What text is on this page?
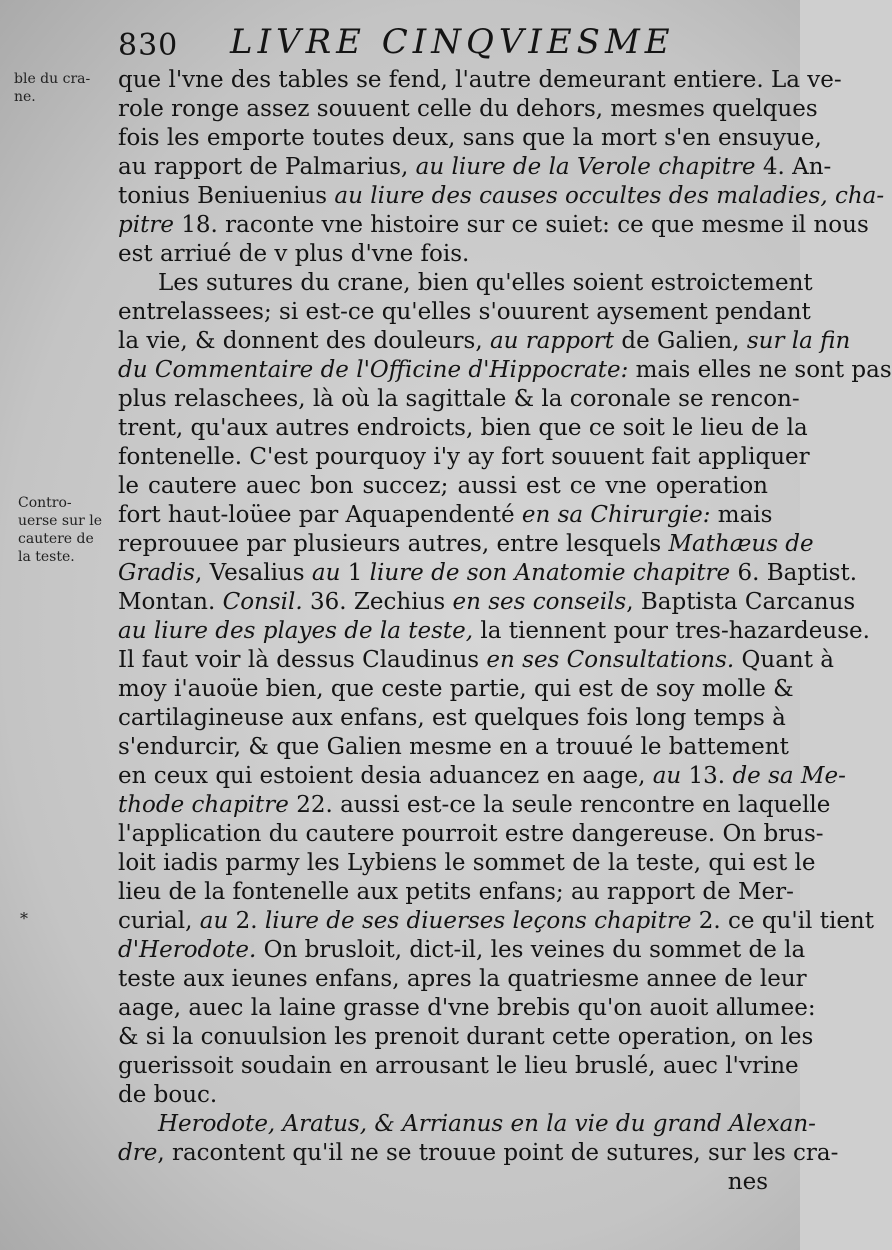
830 LIVRE CINQVIESME
ble du cra-
ne.
Contro-
uerse sur le
cautere de
la teste.
*
que l'vne des tables se fend, l'autre demeurant entiere. La ve-
role ronge assez souuent celle du dehors, mesmes quelques
fois les emporte toutes deux, sans que la mort s'en ensuyue,
au rapport de Palmarius, au liure de la Verole chapitre 4. An-
tonius Beniuenius au liure des causes occultes des maladies, cha-
pitre 18. raconte vne histoire sur ce suiet: ce que mesme il nous
est arriué de v plus d'vne fois.
Les sutures du crane, bien qu'elles soient estroictement
entrelassees; si est-ce qu'elles s'ouurent aysement pendant
la vie, & donnent des douleurs, au rapport de Galien, sur la fin
du Commentaire de l'Officine d'Hippocrate: mais elles ne sont pas
plus relaschees, là où la sagittale & la coronale se rencon-
trent, qu'aux autres endroicts, bien que ce soit le lieu de la
fontenelle. C'est pourquoy i'y ay fort souuent fait appliquer
le cautere auec bon succez; aussi est ce vne operation
fort haut-loüee par Aquapendenté en sa Chirurgie: mais
reprouuee par plusieurs autres, entre lesquels Mathæus de
Gradis, Vesalius au 1 liure de son Anatomie chapitre 6. Baptist.
Montan. Consil. 36. Zechius en ses conseils, Baptista Carcanus
au liure des playes de la teste, la tiennent pour tres-hazardeuse.
Il faut voir là dessus Claudinus en ses Consultations. Quant à
moy i'auoüe bien, que ceste partie, qui est de soy molle &
cartilagineuse aux enfans, est quelques fois long temps à
s'endurcir, & que Galien mesme en a trouué le battement
en ceux qui estoient desia aduancez en aage, au 13. de sa Me-
thode chapitre 22. aussi est-ce la seule rencontre en laquelle
l'application du cautere pourroit estre dangereuse. On brus-
loit iadis parmy les Lybiens le sommet de la teste, qui est le
lieu de la fontenelle aux petits enfans; au rapport de Mer-
curial, au 2. liure de ses diuerses leçons chapitre 2. ce qu'il tient
d'Herodote. On brusloit, dict-il, les veines du sommet de la
teste aux ieunes enfans, apres la quatriesme annee de leur
aage, auec la laine grasse d'vne brebis qu'on auoit allumee:
& si la conuulsion les prenoit durant cette operation, on les
guerissoit soudain en arrousant le lieu bruslé, auec l'vrine
de bouc.
Herodote, Aratus, & Arrianus en la vie du grand Alexan-
dre, racontent qu'il ne se trouue point de sutures, sur les cra-
nes
